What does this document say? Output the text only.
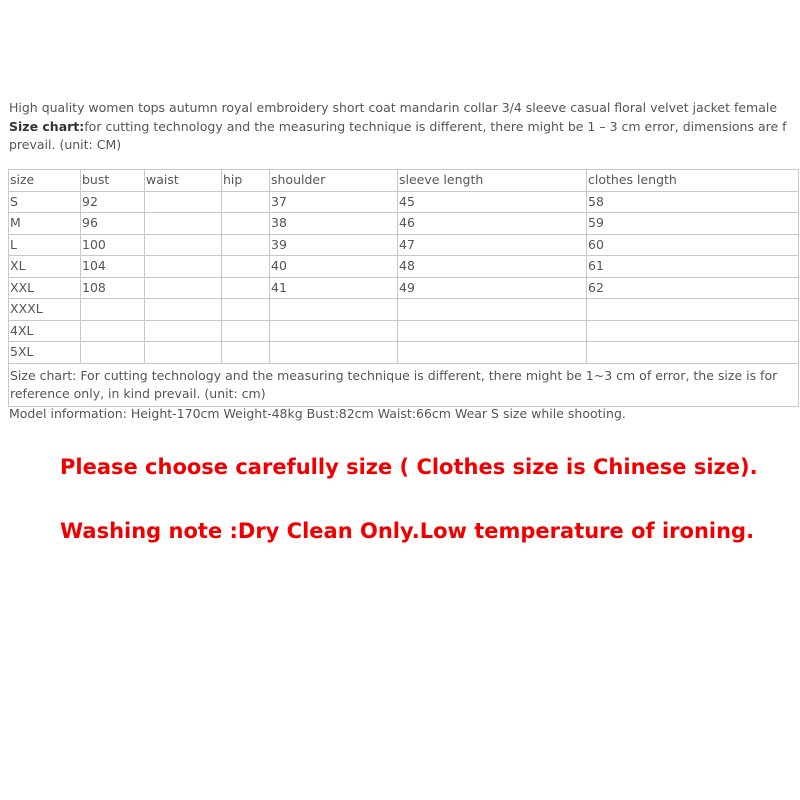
High quality women tops autumn royal embroidery short coat mandarin collar 3/4 sleeve casual floral velvet jacket female
Size chart:for cutting technology and the measuring technique is different, there might be 1 – 3 cm error, dimensions are f
prevail. (unit: CM)
size	bust	waist	hip	shoulder	sleeve length	clothes length
S	92			37	45	58
M	96			38	46	59
L	100			39	47	60
XL	104			40	48	61
XXL	108			41	49	62
XXXL						
4XL						
5XL						
Size chart: For cutting technology and the measuring technique is different, there might be 1~3 cm of error, the size is for reference only, in kind prevail. (unit: cm)						
Model information: Height-170cm Weight-48kg Bust:82cm Waist:66cm Wear S size while shooting.
Please choose carefully size ( Clothes size is Chinese size).
Washing note :Dry Clean Only.Low temperature of ironing.
